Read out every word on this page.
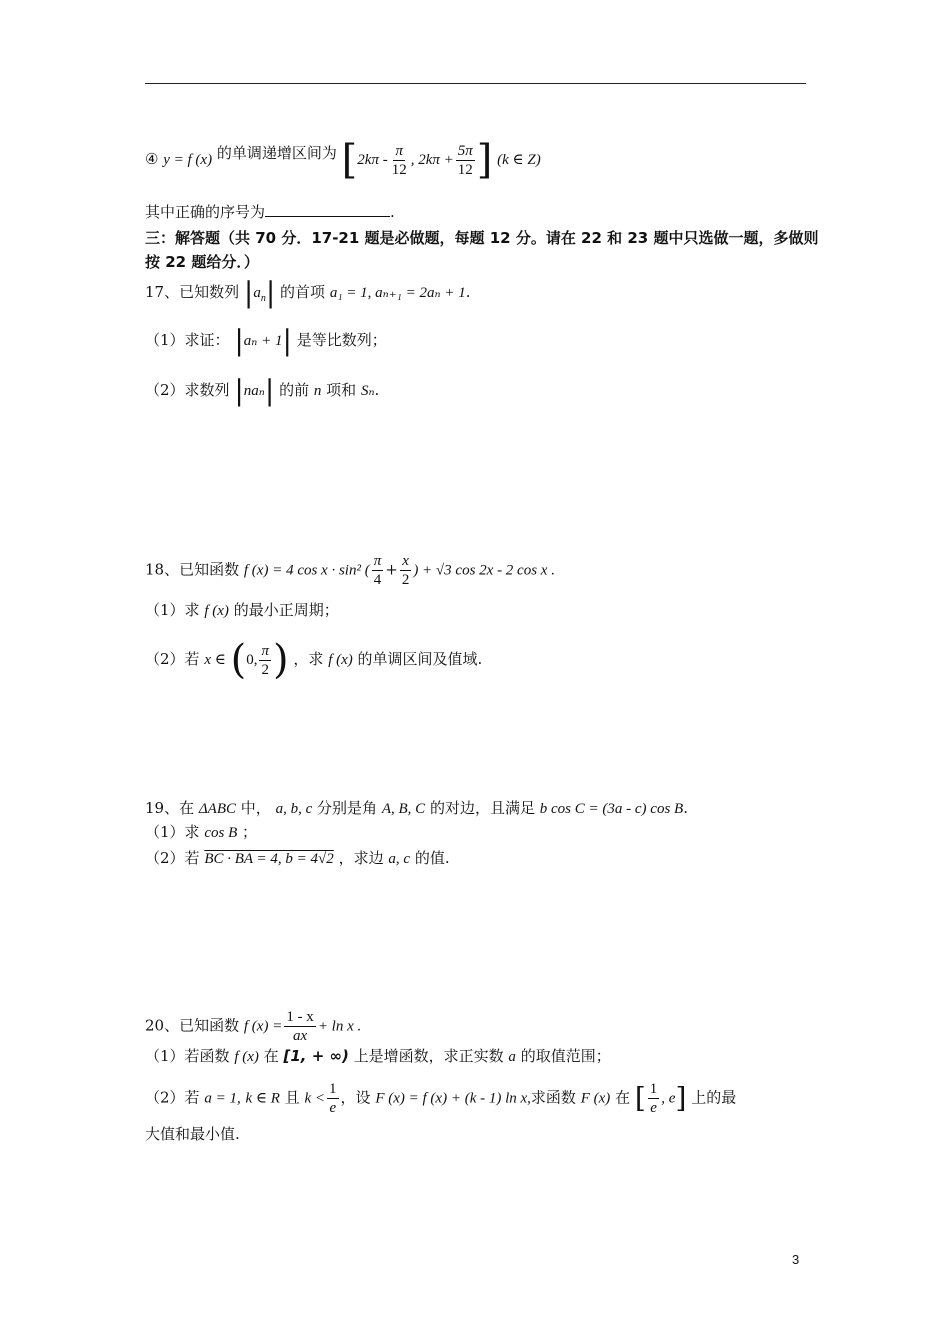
④ y = f (x) 的单调递增区间为 [$2k\pi - \frac{\pi}{12}$ , $2k\pi + \frac{5\pi}{12}$ ] (k ∈ Z)
其中正确的序号为	.
三：解答题（共 70 分．17-21 题是必做题，每题 12 分。请在 22 和 23 题中只选做一题，多做则
按 22 题给分．）
17、已知数列 $|a_n|$ 的首项 a₁ = 1, aₙ₊₁ = 2aₙ + 1.
（1）求证： |aₙ + 1| 是等比数列；
（2）求数列 |naₙ| 的前 n 项和 Sₙ.
18、已知函数 f (x) = 4 cos x · sin² ( $\frac{\pi}{4} + \frac{x}{2}$ ) + √3 cos 2x - 2 cos x .
（1）求 f (x) 的最小正周期；
（2）若 x ∈ (0, $\frac{\pi}{2}$ ) ，求 f (x) 的单调区间及值域.
19、在 ΔABC 中， a, b, c 分别是角 A, B, C 的对边，且满足 b cos C = (3a - c) cos B.
（1）求 cos B ；
（2）若 BC · BA = 4, b = 4√2 ，求边 a, c 的值.
20、已知函数 f $(x) = \frac{1 - x}{ax} + \ln x$ .
（1）若函数 f (x) 在 [1, + ∞) 上是增函数，求正实数 a 的取值范围；
（2）若 a = 1, k ∈ R 且 $k < \frac{1}{e}$ ，设 F (x) = f (x) + (k - 1) ln x,求函数 F (x) 在 [ $\frac{1}{e}$ , e] 上的最
大值和最小值.
3
